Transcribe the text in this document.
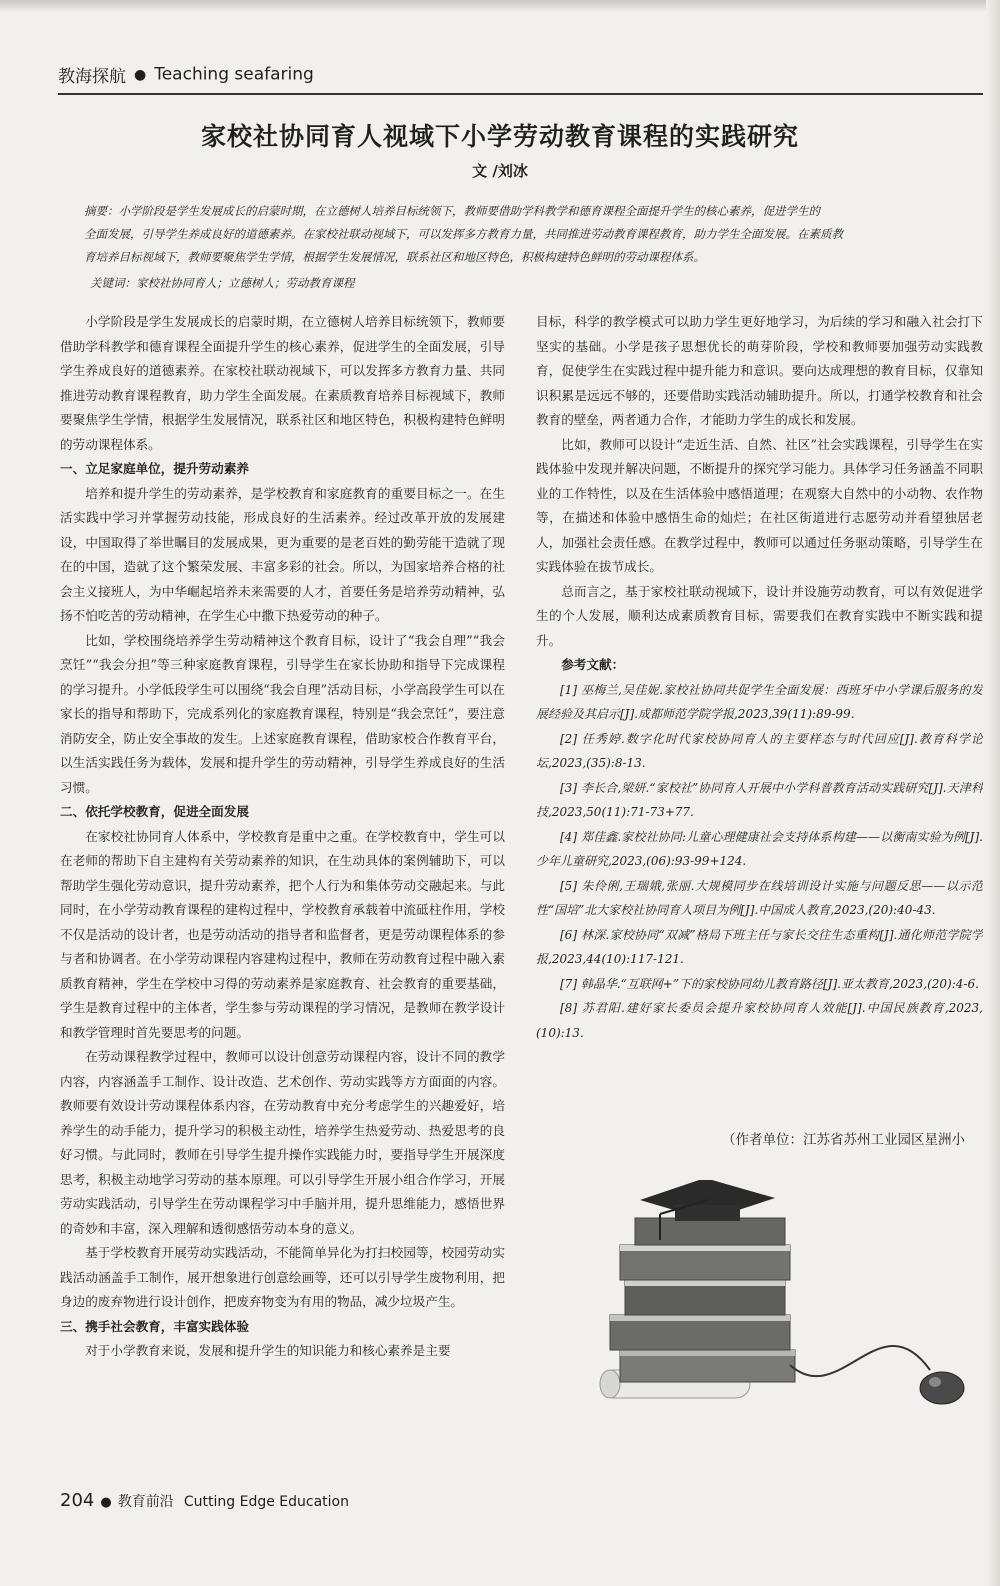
教海探航 ● Teaching seafaring
家校社协同育人视域下小学劳动教育课程的实践研究
文 /刘冰
摘要：小学阶段是学生发展成长的启蒙时期，在立德树人培养目标统领下，教师要借助学科教学和德育课程全面提升学生的核心素养，促进学生的
全面发展，引导学生养成良好的道德素养。在家校社联动视域下，可以发挥多方教育力量，共同推进劳动教育课程教育，助力学生全面发展。在素质教
育培养目标视域下，教师要聚焦学生学情，根据学生发展情况，联系社区和地区特色，积极构建特色鲜明的劳动课程体系。
关键词：家校社协同育人；立德树人；劳动教育课程

小学阶段是学生发展成长的启蒙时期，在立德树人培养目标统领下，教师要借助学科教学和德育课程全面提升学生的核心素养，促进学生的全面发展，引导学生养成良好的道德素养。在家校社联动视域下，可以发挥多方教育力量、共同推进劳动教育课程教育，助力学生全面发展。在素质教育培养目标视域下，教师要聚焦学生学情，根据学生发展情况，联系社区和地区特色，积极构建特色鲜明的劳动课程体系。

一、立足家庭单位，提升劳动素养

培养和提升学生的劳动素养，是学校教育和家庭教育的重要目标之一。在生活实践中学习并掌握劳动技能，形成良好的生活素养。经过改革开放的发展建设，中国取得了举世瞩目的发展成果，更为重要的是老百姓的勤劳能干造就了现在的中国，造就了这个繁荣发展、丰富多彩的社会。所以，为国家培养合格的社会主义接班人，为中华崛起培养未来需要的人才，首要任务是培养劳动精神，弘扬不怕吃苦的劳动精神，在学生心中撒下热爱劳动的种子。

比如，学校围绕培养学生劳动精神这个教育目标，设计了“我会自理”“我会烹饪”“我会分担”等三种家庭教育课程，引导学生在家长协助和指导下完成课程的学习提升。小学低段学生可以围绕“我会自理”活动目标，小学高段学生可以在家长的指导和帮助下，完成系列化的家庭教育课程，特别是“我会烹饪”，要注意消防安全，防止安全事故的发生。上述家庭教育课程，借助家校合作教育平台，以生活实践任务为载体，发展和提升学生的劳动精神，引导学生养成良好的生活习惯。

二、依托学校教育，促进全面发展

在家校社协同育人体系中，学校教育是重中之重。在学校教育中，学生可以在老师的帮助下自主建构有关劳动素养的知识，在生动具体的案例辅助下，可以帮助学生强化劳动意识，提升劳动素养，把个人行为和集体劳动交融起来。与此同时，在小学劳动教育课程的建构过程中，学校教育承载着中流砥柱作用，学校不仅是活动的设计者，也是劳动活动的指导者和监督者，更是劳动课程体系的参与者和协调者。在小学劳动课程内容建构过程中，教师在劳动教育过程中融入素质教育精神，学生在学校中习得的劳动素养是家庭教育、社会教育的重要基础，学生是教育过程中的主体者，学生参与劳动课程的学习情况，是教师在教学设计和教学管理时首先要思考的问题。

在劳动课程教学过程中，教师可以设计创意劳动课程内容，设计不同的教学内容，内容涵盖手工制作、设计改造、艺术创作、劳动实践等方方面面的内容。教师要有效设计劳动课程体系内容，在劳动教育中充分考虑学生的兴趣爱好，培养学生的动手能力，提升学习的积极主动性，培养学生热爱劳动、热爱思考的良好习惯。与此同时，教师在引导学生提升操作实践能力时，要指导学生开展深度思考，积极主动地学习劳动的基本原理。可以引导学生开展小组合作学习，开展劳动实践活动，引导学生在劳动课程学习中手脑并用，提升思维能力，感悟世界的奇妙和丰富，深入理解和透彻感悟劳动本身的意义。

基于学校教育开展劳动实践活动，不能简单异化为打扫校园等，校园劳动实践活动涵盖手工制作，展开想象进行创意绘画等，还可以引导学生废物利用，把身边的废弃物进行设计创作，把废弃物变为有用的物品，减少垃圾产生。

三、携手社会教育，丰富实践体验

对于小学教育来说，发展和提升学生的知识能力和核心素养是主要

目标，科学的教学模式可以助力学生更好地学习，为后续的学习和融入社会打下坚实的基础。小学是孩子思想优长的萌芽阶段，学校和教师要加强劳动实践教育，促使学生在实践过程中提升能力和意识。要向达成理想的教育目标，仅靠知识积累是远远不够的，还要借助实践活动辅助提升。所以，打通学校教育和社会教育的壁垒，两者通力合作，才能助力学生的成长和发展。

比如，教师可以设计“走近生活、自然、社区”社会实践课程，引导学生在实践体验中发现并解决问题，不断提升的探究学习能力。具体学习任务涵盖不同职业的工作特性，以及在生活体验中感悟道理；在观察大自然中的小动物、农作物等，在描述和体验中感悟生命的灿烂；在社区街道进行志愿劳动并看望独居老人，加强社会责任感。在教学过程中，教师可以通过任务驱动策略，引导学生在实践体验在拔节成长。

总而言之，基于家校社联动视域下，设计并设施劳动教育，可以有效促进学生的个人发展，顺利达成素质教育目标，需要我们在教育实践中不断实践和提升。

参考文献：

[1] 巫梅兰,吴佳妮.家校社协同共促学生全面发展：西班牙中小学课后服务的发展经验及其启示[J].成都师范学院学报,2023,39(11):89-99.

[2] 任秀婷.数字化时代家校协同育人的主要样态与时代回应[J].教育科学论坛,2023,(35):8-13.

[3] 李长合,梁妍.“家校社”协同育人开展中小学科普教育活动实践研究[J].天津科技,2023,50(11):71-73+77.

[4] 郑佳鑫.家校社协同:儿童心理健康社会支持体系构建——以衡南实验为例[J].少年儿童研究,2023,(06):93-99+124.

[5] 朱伶俐,王瑞娥,张丽.大规模同步在线培训设计实施与问题反思——以示范性“国培”北大家校社协同育人项目为例[J].中国成人教育,2023,(20):40-43.

[6] 林深.家校协同“双减”格局下班主任与家长交往生态重构[J].通化师范学院学报,2023,44(10):117-121.

[7] 韩晶华.“互联网+”下的家校协同幼儿教育路径[J].亚太教育,2023,(20):4-6.

[8] 苏君阳.建好家长委员会提升家校协同育人效能[J].中国民族教育,2023,(10):13.

（作者单位：江苏省苏州工业园区星洲小
204 ● 教育前沿 Cutting Edge Education
